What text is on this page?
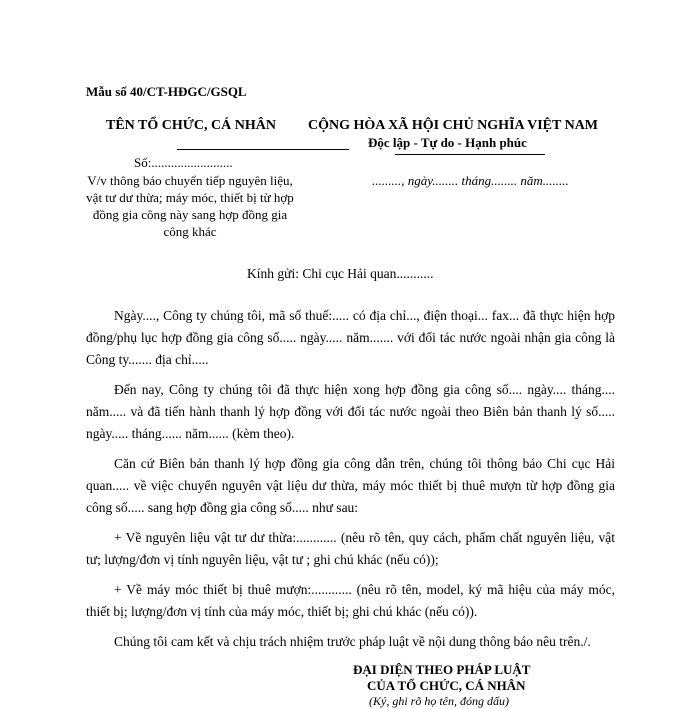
Mẫu số 40/CT-HĐGC/GSQL
TÊN TỔ CHỨC, CÁ NHÂN CỘNG HÒA XÃ HỘI CHỦ NGHĨA VIỆT NAM
Độc lập - Tự do - Hạnh phúc
Số:.........................
V/v thông báo chuyển tiếp nguyên liệu, vật tư dư thừa; máy móc, thiết bị từ hợp đồng gia công này sang hợp đồng gia công khác
........., ngày........ tháng........ năm........
Kính gửi: Chi cục Hải quan...........

Ngày...., Công ty chúng tôi, mã số thuế:..... có địa chỉ..., điện thoại... fax... đã thực hiện hợp đồng/phụ lục hợp đồng gia công số..... ngày..... năm....... với đối tác nước ngoài nhận gia công là Công ty....... địa chỉ.....

Đến nay, Công ty chúng tôi đã thực hiện xong hợp đồng gia công số.... ngày.... tháng.... năm..... và đã tiến hành thanh lý hợp đồng với đối tác nước ngoài theo Biên bản thanh lý số..... ngày..... tháng...... năm...... (kèm theo).

Căn cứ Biên bản thanh lý hợp đồng gia công dẫn trên, chúng tôi thông báo Chi cục Hải quan..... về việc chuyển nguyên vật liệu dư thừa, máy móc thiết bị thuê mượn từ hợp đồng gia công số..... sang hợp đồng gia công số..... như sau:

+ Về nguyên liệu vật tư dư thừa:............ (nêu rõ tên, quy cách, phẩm chất nguyên liệu, vật tư; lượng/đơn vị tính nguyên liệu, vật tư ; ghi chú khác (nếu có));

+ Về máy móc thiết bị thuê mượn:............ (nêu rõ tên, model, ký mã hiệu của máy móc, thiết bị; lượng/đơn vị tính của máy móc, thiết bị; ghi chú khác (nếu có)).

Chúng tôi cam kết và chịu trách nhiệm trước pháp luật về nội dung thông báo nêu trên./.

ĐẠI DIỆN THEO PHÁP LUẬT
CỦA TỔ CHỨC, CÁ NHÂN
(Ký, ghi rõ họ tên, đóng dấu)
